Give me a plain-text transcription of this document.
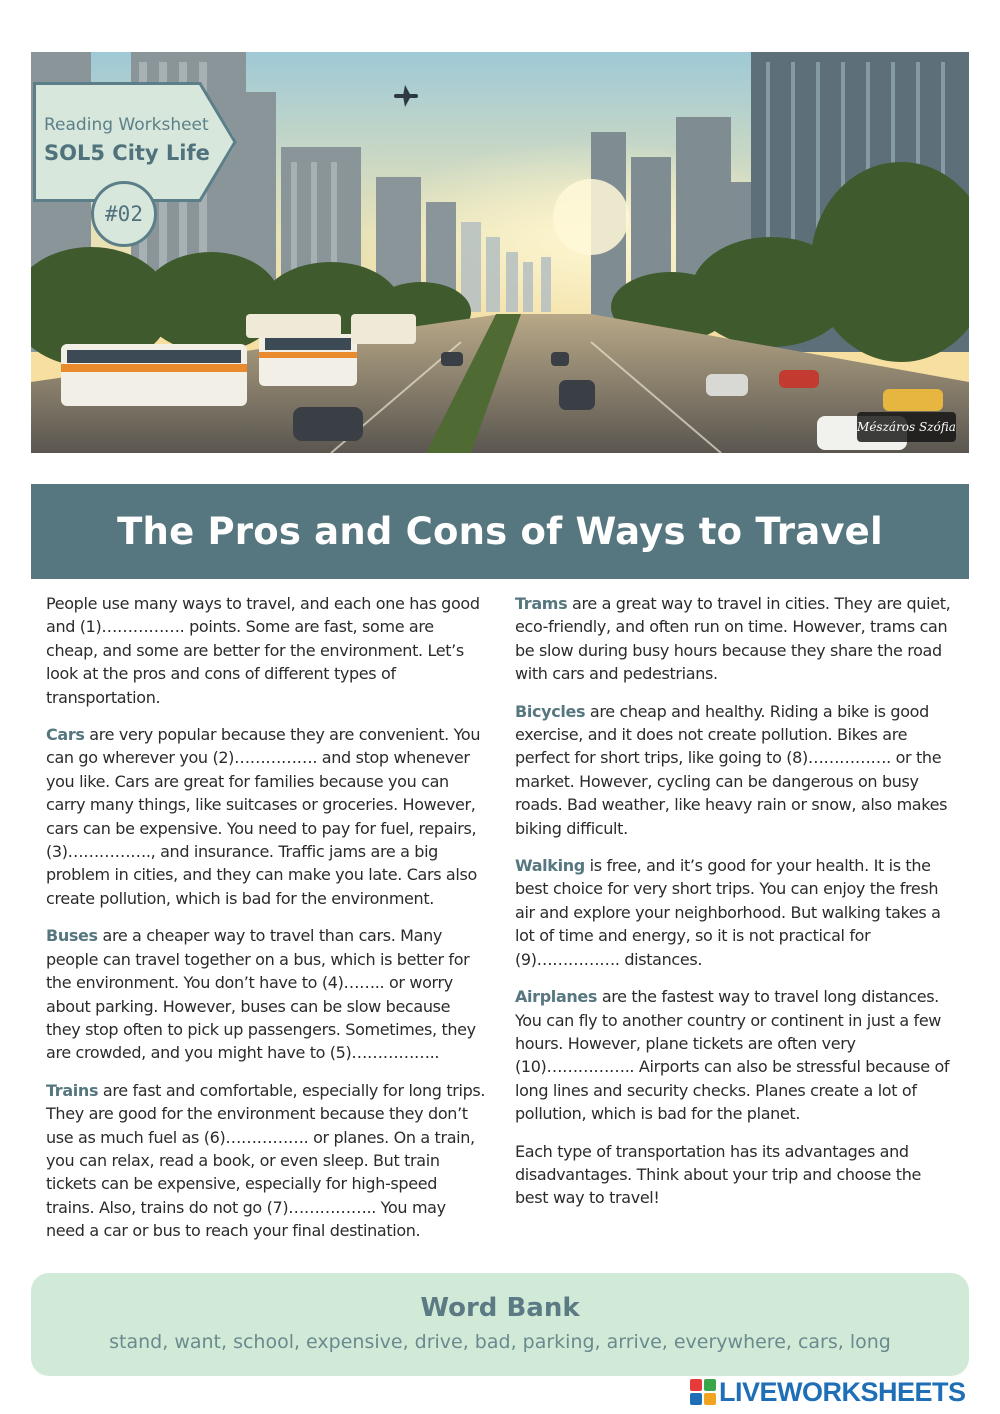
Reading Worksheet
SOL5 City Life
#02
Mészáros Szófia
The Pros and Cons of Ways to Travel

People use many ways to travel, and each one has good and (1)……………. points. Some are fast, some are cheap, and some are better for the environment. Let’s look at the pros and cons of different types of transportation.

Cars are very popular because they are convenient. You can go wherever you (2)……………. and stop whenever you like. Cars are great for families because you can carry many things, like suitcases or groceries. However, cars can be expensive. You need to pay for fuel, repairs, (3)……………., and insurance. Traffic jams are a big problem in cities, and they can make you late. Cars also create pollution, which is bad for the environment.

Buses are a cheaper way to travel than cars. Many people can travel together on a bus, which is better for the environment. You don’t have to (4)…….. or worry about parking. However, buses can be slow because they stop often to pick up passengers. Sometimes, they are crowded, and you might have to (5)……………..

Trains are fast and comfortable, especially for long trips. They are good for the environment because they don’t use as much fuel as (6)……………. or planes. On a train, you can relax, read a book, or even sleep. But train tickets can be expensive, especially for high-speed trains. Also, trains do not go (7)…………….. You may need a car or bus to reach your final destination.

Trams are a great way to travel in cities. They are quiet, eco-friendly, and often run on time. However, trams can be slow during busy hours because they share the road with cars and pedestrians.

Bicycles are cheap and healthy. Riding a bike is good exercise, and it does not create pollution. Bikes are perfect for short trips, like going to (8)……………. or the market. However, cycling can be dangerous on busy roads. Bad weather, like heavy rain or snow, also makes biking difficult.

Walking is free, and it’s good for your health. It is the best choice for very short trips. You can enjoy the fresh air and explore your neighborhood. But walking takes a lot of time and energy, so it is not practical for (9)……………. distances.

Airplanes are the fastest way to travel long distances. You can fly to another country or continent in just a few hours. However, plane tickets are often very (10)…………….. Airports can also be stressful because of long lines and security checks. Planes create a lot of pollution, which is bad for the planet.

Each type of transportation has its advantages and disadvantages. Think about your trip and choose the best way to travel!

Word Bank
stand, want, school, expensive, drive, bad, parking, arrive, everywhere, cars, long
LIVEWORKSHEETS
